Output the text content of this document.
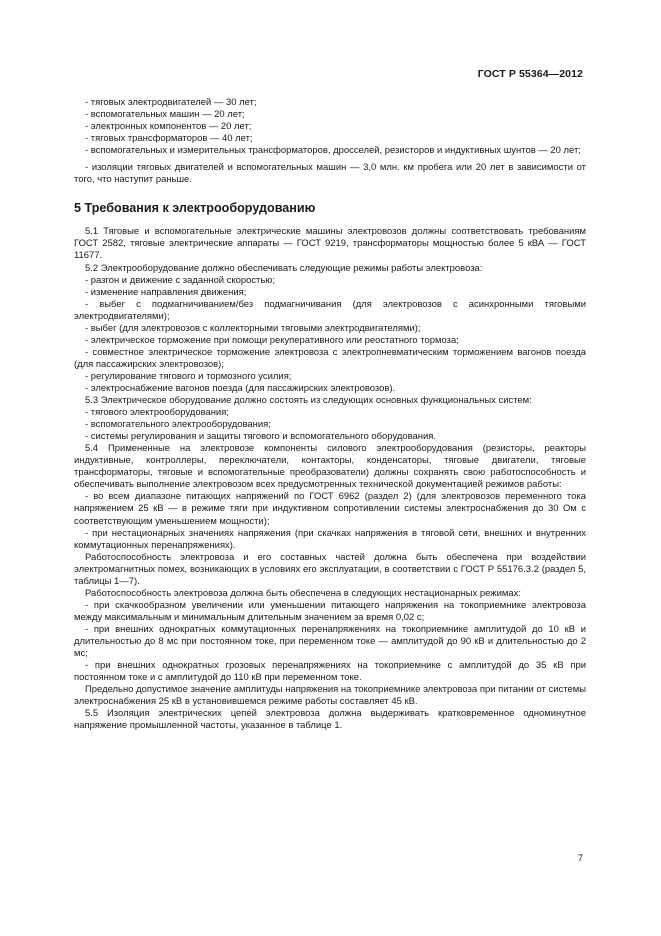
ГОСТ Р 55364—2012

- тяговых электродвигателей — 30 лет;

- вспомогательных машин — 20 лет;

- электронных компонентов — 20 лет;

- тяговых трансформаторов — 40 лет;

- вспомогательных и измерительных трансформаторов, дросселей, резисторов и индуктивных шунтов — 20 лет;

- изоляции тяговых двигателей и вспомогательных машин — 3,0 млн. км пробега или 20 лет в зависимости от того, что наступит раньше.

5 Требования к электрооборудованию

5.1 Тяговые и вспомогательные электрические машины электровозов должны соответствовать требованиям ГОСТ 2582, тяговые электрические аппараты — ГОСТ 9219, трансформаторы мощностью более 5 кВА — ГОСТ 11677.

5.2 Электрооборудование должно обеспечивать следующие режимы работы электровоза:

- разгон и движение с заданной скоростью;

- изменение направления движения;

- выбег с подмагничиванием/без подмагничивания (для электровозов с асинхронными тяговыми электродвигателями);

- выбег (для электровозов с коллекторными тяговыми электродвигателями);

- электрическое торможение при помощи рекуперативного или реостатного тормоза;

- совместное электрическое торможение электровоза с электропневматическим торможением вагонов поезда (для пассажирских электровозов);

- регулирование тягового и тормозного усилия;

- электроснабжение вагонов поезда (для пассажирских электровозов).

5.3 Электрическое оборудование должно состоять из следующих основных функциональных систем:

- тягового электрооборудования;

- вспомогательного электрооборудования;

- системы регулирования и защиты тягового и вспомогательного оборудования.

5.4 Примененные на электровозе компоненты силового электрооборудования (резисторы, реакторы индуктивные, контроллеры, переключатели, контакторы, конденсаторы, тяговые двигатели, тяговые трансформаторы, тяговые и вспомогательные преобразователи) должны сохранять свою работоспособность и обеспечивать выполнение электровозом всех предусмотренных технической документацией режимов работы:

- во всем диапазоне питающих напряжений по ГОСТ 6962 (раздел 2) (для электровозов переменного тока напряжением 25 кВ — в режиме тяги при индуктивном сопротивлении системы электроснабжения до 30 Ом с соответствующим уменьшением мощности);

- при нестационарных значениях напряжения (при скачках напряжения в тяговой сети, внешних и внутренних коммутационных перенапряжениях).

Работоспособность электровоза и его составных частей должна быть обеспечена при воздействии электромагнитных помех, возникающих в условиях его эксплуатации, в соответствии с ГОСТ Р 55176.3.2 (раздел 5, таблицы 1—7).

Работоспособность электровоза должна быть обеспечена в следующих нестационарных режимах:

- при скачкообразном увеличении или уменьшении питающего напряжения на токоприемнике электровоза между максимальным и минимальным длительным значением за время 0,02 с;

- при внешних однократных коммутационных перенапряжениях на токоприемнике амплитудой до 10 кВ и длительностью до 8 мс при постоянном токе, при переменном токе — амплитудой до 90 кВ и длительностью до 2 мс;

- при внешних однократных грозовых перенапряжениях на токоприемнике с амплитудой до 35 кВ при постоянном токе и с амплитудой до 110 кВ при переменном токе.

Предельно допустимое значение амплитуды напряжения на токоприемнике электровоза при питании от системы электроснабжения 25 кВ в установившемся режиме работы составляет 45 кВ.

5.5 Изоляция электрических цепей электровоза должна выдерживать кратковременное одноминутное напряжение промышленной частоты, указанное в таблице 1.

7
